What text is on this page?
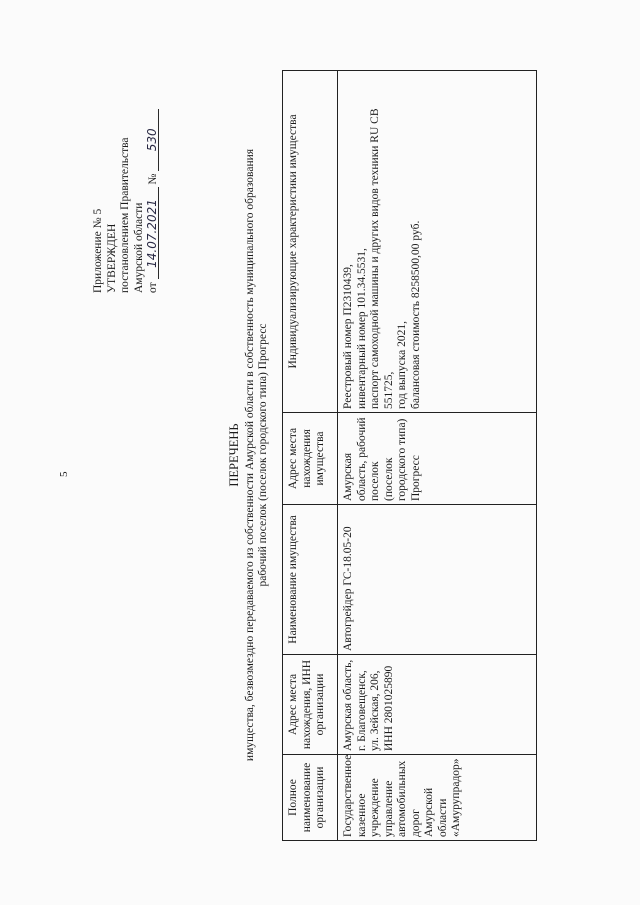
5
Приложение № 5 УТВЕРЖДЕН постановлением Правительства Амурской области от 14.07.2021 № 530
ПЕРЕЧЕНЬ имущества, безвозмездно передаваемого из собственности Амурской области в собственность муниципального образования рабочий поселок (поселок городского типа) Прогресс
Полное наименование организации	Адрес места нахождения, ИНН организации	Наименование имущества	Адрес места нахождения имущества	Индивидуализирующие характеристики имущества

Государственное казенное учреждение управление автомобильных дорог Амурской области «Амурупрадор»	Амурская область, г. Благовещенск, ул. Зейская, 206, ИНН 2801025890	Автогрейдер ГС-18.05-20	Амурская область, рабочий поселок (поселок городского типа) Прогресс	Реестровый номер П2310439,
инвентарный номер 101.34.5531,
паспорт самоходной машины и других видов техники RU СВ 551725,
год выпуска 2021,
балансовая стоимость 8258500,00 руб.
